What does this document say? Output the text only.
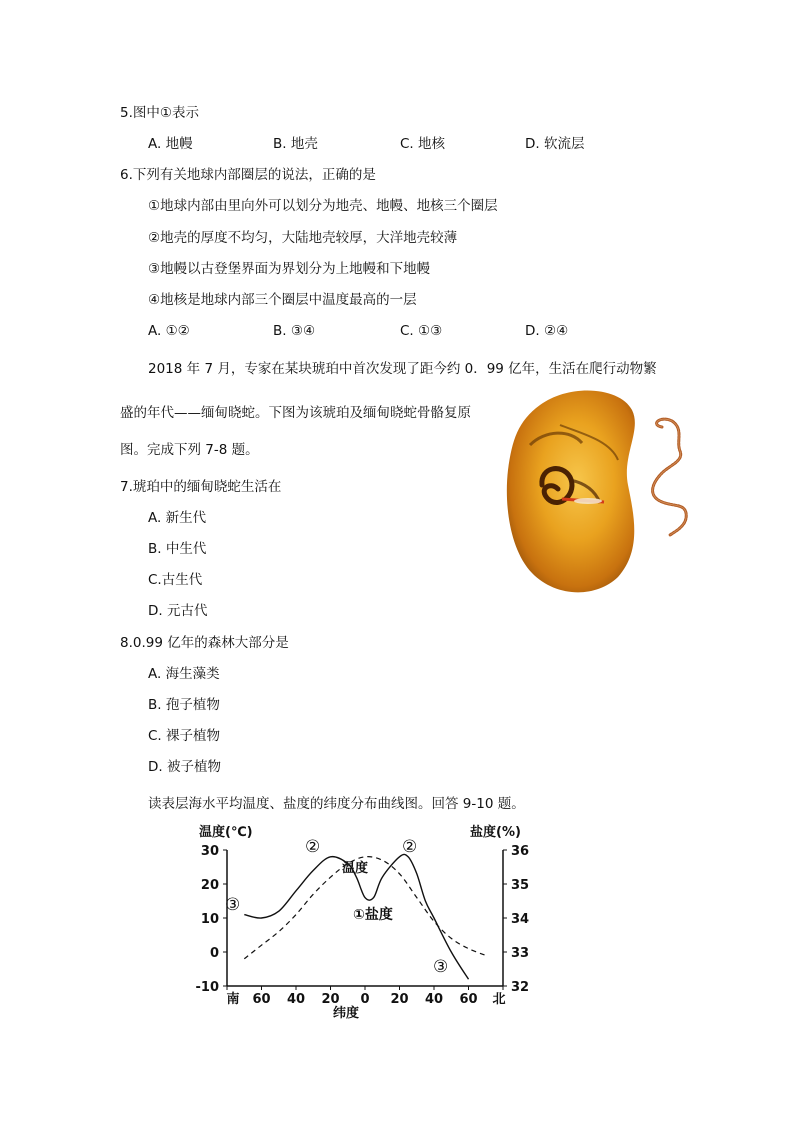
5.图中①表示
A. 地幔	B. 地壳	C. 地核	D. 软流层
6.下列有关地球内部圈层的说法，正确的是
①地球内部由里向外可以划分为地壳、地幔、地核三个圈层
②地壳的厚度不均匀，大陆地壳较厚，大洋地壳较薄
③地幔以古登堡界面为界划分为上地幔和下地幔
④地核是地球内部三个圈层中温度最高的一层
A. ①②	B. ③④	C. ①③	D. ②④
2018 年 7 月，专家在某块琥珀中首次发现了距今约 0．99 亿年，生活在爬行动物繁
盛的年代——缅甸晓蛇。下图为该琥珀及缅甸晓蛇骨骼复原
图。完成下列 7-8 题。
7.琥珀中的缅甸晓蛇生活在
A. 新生代
B. 中生代
C.古生代
D. 元古代
8.0.99 亿年的森林大部分是
A. 海生藻类
B. 孢子植物
C. 裸子植物
D. 被子植物
读表层海水平均温度、盐度的纬度分布曲线图。回答 9-10 题。
温度(℃)	盐度(%)
30
20
10
0
-10
36
35
34
33
32
南 60 40 20 0 20 40 60 北
温度
②	②
③
③
①盐度
纬度
